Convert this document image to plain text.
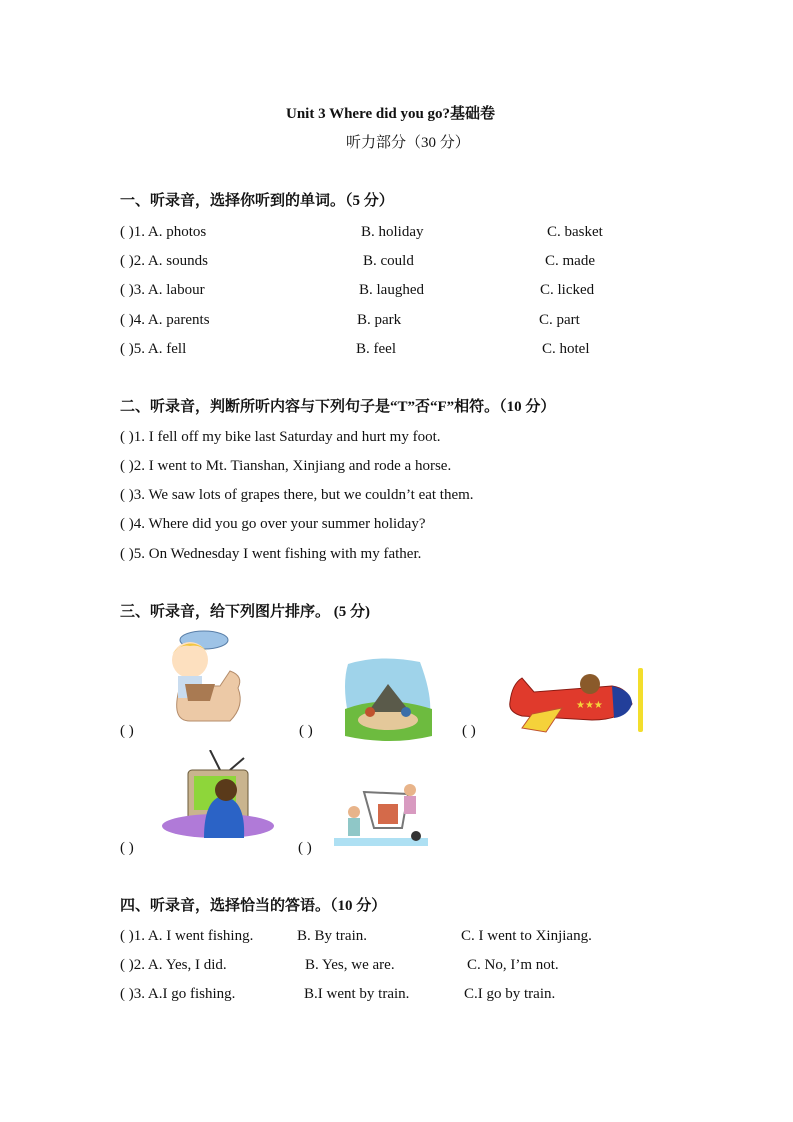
Unit 3 Where did you go?基础卷
听力部分（30 分）
一、听录音，选择你听到的单词。（5 分）
( )1. A. photos	B. holiday	C. basket
( )2. A. sounds	B. could	C. made
( )3. A. labour	B. laughed	C. licked
( )4. A. parents	B. park	C. part
( )5. A. fell	B. feel	C. hotel
二、听录音，判断所听内容与下列句子是“T”否“F”相符。（10 分）
( )1. I fell off my bike last Saturday and hurt my foot.
( )2. I went to Mt. Tianshan, Xinjiang and rode a horse.
( )3. We saw lots of grapes there, but we couldn’t eat them.
( )4. Where did you go over your summer holiday?
( )5. On Wednesday I went fishing with my father.
三、听录音，给下列图片排序。 (5 分)
★★★
( )	( )	( )
( )	( )
四、听录音，选择恰当的答语。（10 分）
( )1. A. I went fishing.	B. By train.	C. I went to Xinjiang.
( )2. A. Yes, I did.	B. Yes, we are.	C. No, I’m not.
( )3. A.I go fishing.	B.I went by train.	C.I go by train.
